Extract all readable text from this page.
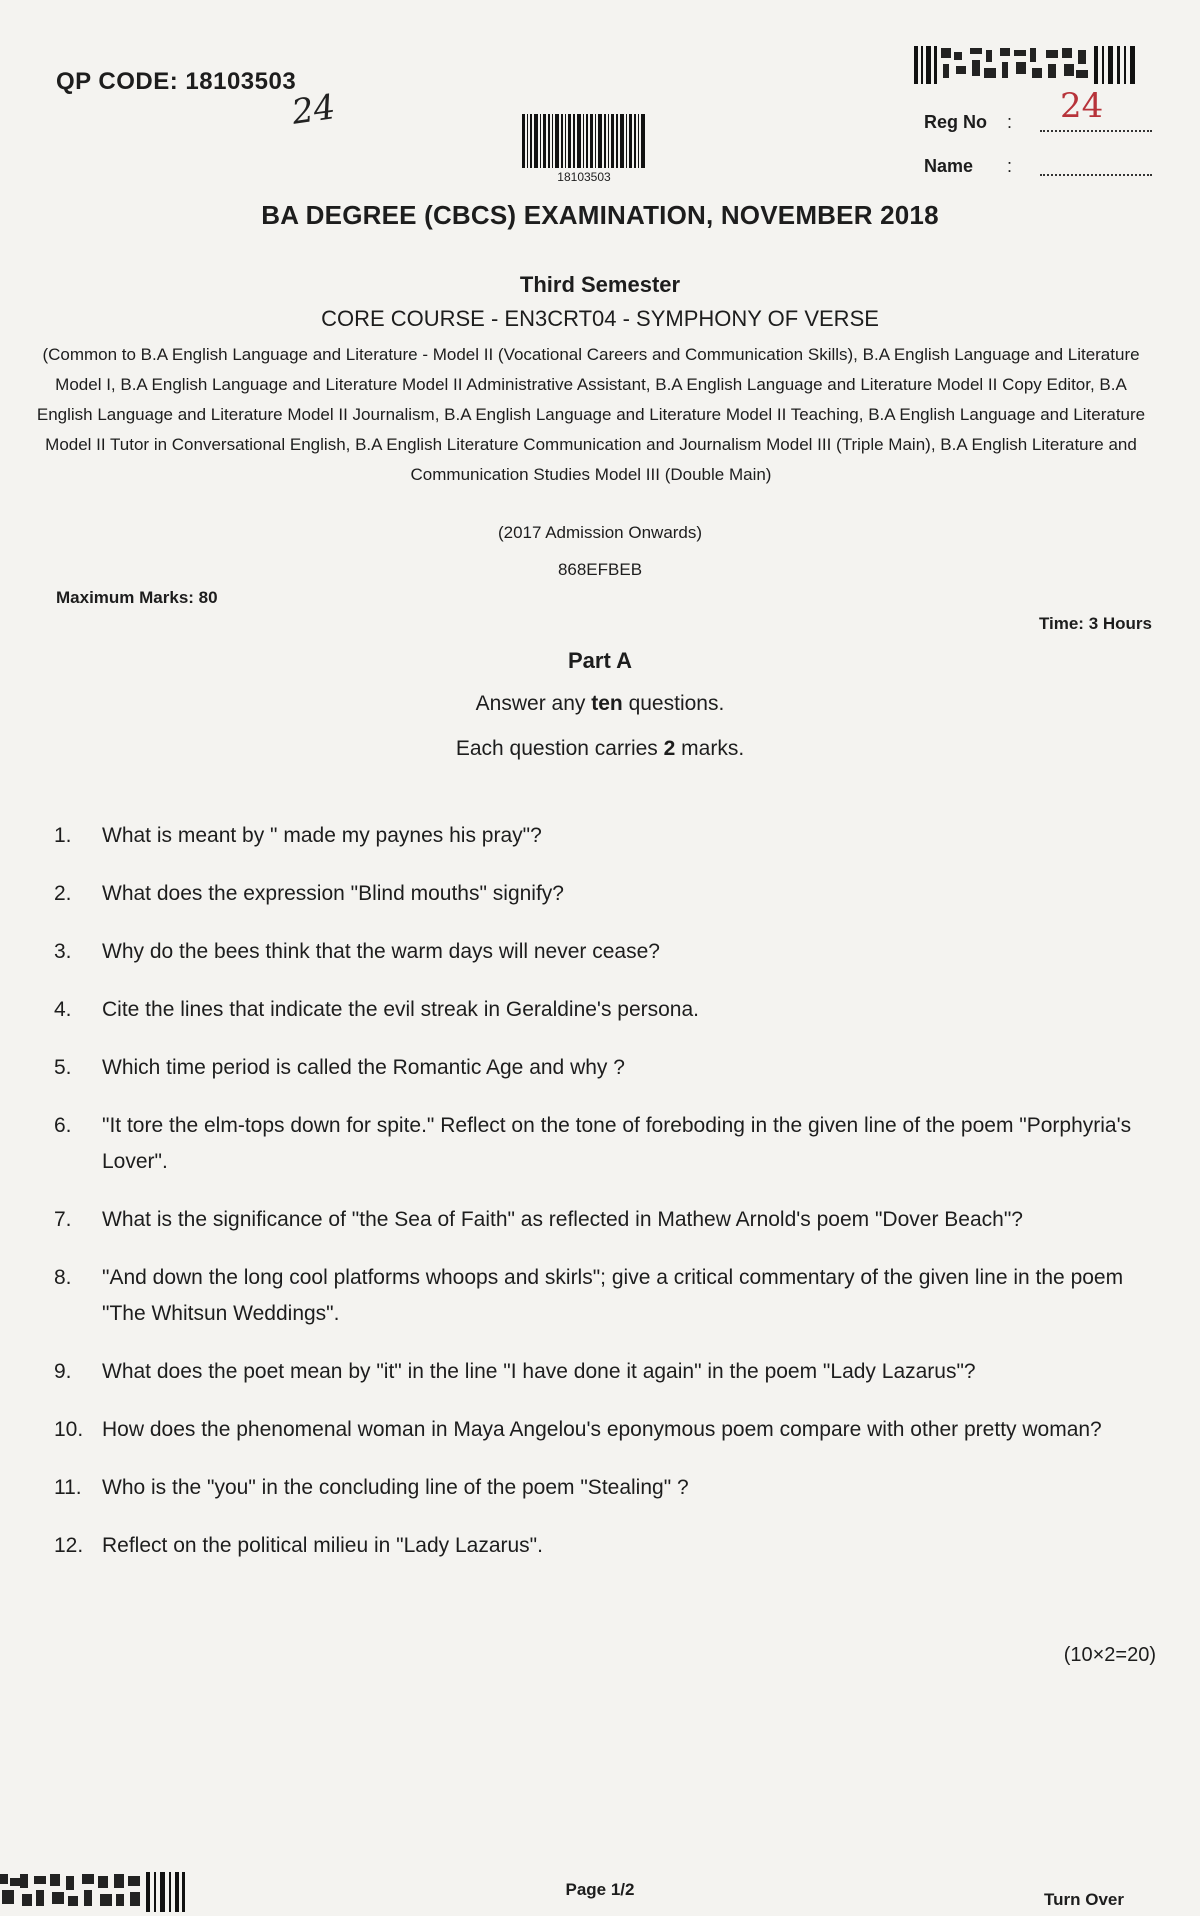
QP CODE: 18103503
24	Reg No : 24
Name :
18103503
BA DEGREE (CBCS) EXAMINATION, NOVEMBER 2018
Third Semester
CORE COURSE - EN3CRT04 - SYMPHONY OF VERSE
(Common to B.A English Language and Literature - Model II (Vocational Careers and Communication Skills), B.A English Language and Literature Model I, B.A English Language and Literature Model II Administrative Assistant, B.A English Language and Literature Model II Copy Editor, B.A English Language and Literature Model II Journalism, B.A English Language and Literature Model II Teaching, B.A English Language and Literature Model II Tutor in Conversational English, B.A English Literature Communication and Journalism Model III (Triple Main), B.A English Literature and Communication Studies Model III (Double Main)
(2017 Admission Onwards)
868EFBEB
Maximum Marks: 80
Time: 3 Hours
Part A
Answer any ten questions.
Each question carries 2 marks.
1.	What is meant by " made my paynes his pray"?
2.	What does the expression "Blind mouths" signify?
3.	Why do the bees think that the warm days will never cease?
4.	Cite the lines that indicate the evil streak in Geraldine's persona.
5.	Which time period is called the Romantic Age and why ?
6.	"It tore the elm-tops down for spite." Reflect on the tone of foreboding in the given line of the poem "Porphyria's Lover".
7.	What is the significance of "the Sea of Faith" as reflected in Mathew Arnold's poem "Dover Beach"?
8.	"And down the long cool platforms whoops and skirls"; give a critical commentary of the given line in the poem "The Whitsun Weddings".
9.	What does the poet mean by "it" in the line "I have done it again" in the poem "Lady Lazarus"?
10. How does the phenomenal woman in Maya Angelou's eponymous poem compare with other pretty woman?
11. Who is the "you" in the concluding line of the poem "Stealing" ?
12. Reflect on the political milieu in "Lady Lazarus".
(10×2=20)
Page 1/2
Turn Over
